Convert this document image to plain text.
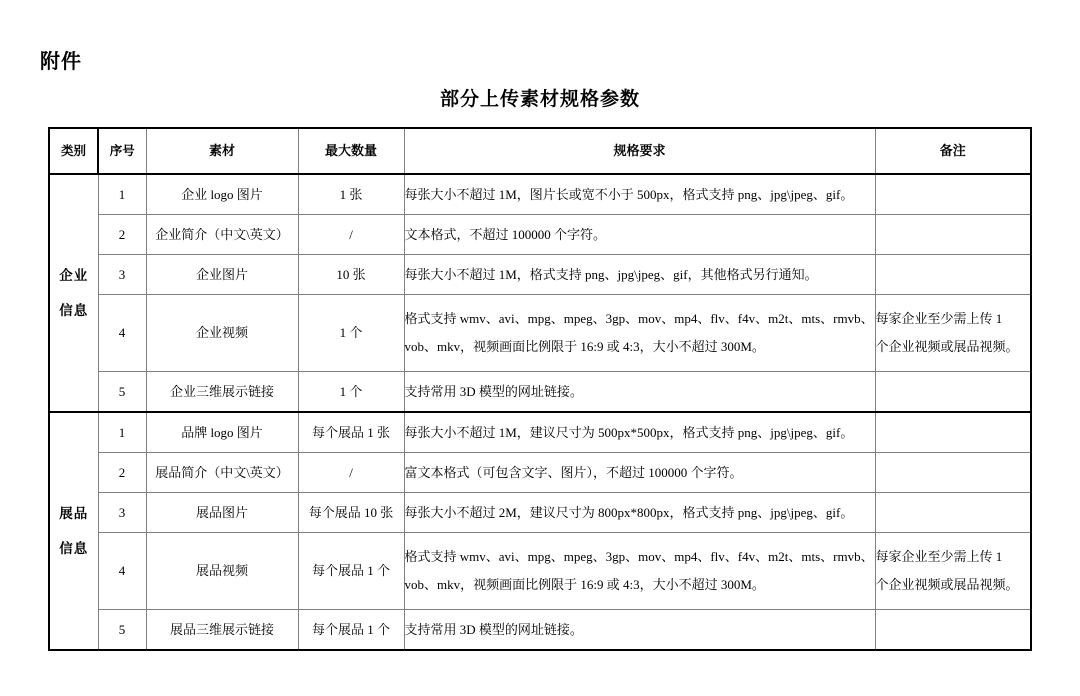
附件
部分上传素材规格参数
类别	序号	素材	最大数量	规格要求	备注

企业
信息	1	企业 logo 图片	1 张	每张大小不超过 1M，图片长或宽不小于 500px，格式支持 png、jpg\jpeg、gif。	
	2	企业简介（中文\英文）	/	文本格式，不超过 100000 个字符。	
	3	企业图片	10 张	每张大小不超过 1M，格式支持 png、jpg\jpeg、gif，其他格式另行通知。	
	4	企业视频	1 个	格式支持 wmv、avi、mpg、mpeg、3gp、mov、mp4、flv、f4v、m2t、mts、rmvb、
vob、mkv，视频画面比例限于 16:9 或 4:3，大小不超过 300M。	每家企业至少需上传 1
个企业视频或展品视频。

	5	企业三维展示链接	1 个	支持常用 3D 模型的网址链接。	

展品
信息	1	品牌 logo 图片	每个展品 1 张	每张大小不超过 1M，建议尺寸为 500px*500px，格式支持 png、jpg\jpeg、gif。	
	2	展品简介（中文\英文）	/	富文本格式（可包含文字、图片），不超过 100000 个字符。	
	3	展品图片	每个展品 10 张	每张大小不超过 2M，建议尺寸为 800px*800px，格式支持 png、jpg\jpeg、gif。	
	4	展品视频	每个展品 1 个	格式支持 wmv、avi、mpg、mpeg、3gp、mov、mp4、flv、f4v、m2t、mts、rmvb、
vob、mkv，视频画面比例限于 16:9 或 4:3，大小不超过 300M。	每家企业至少需上传 1
个企业视频或展品视频。

	5	展品三维展示链接	每个展品 1 个	支持常用 3D 模型的网址链接。	
